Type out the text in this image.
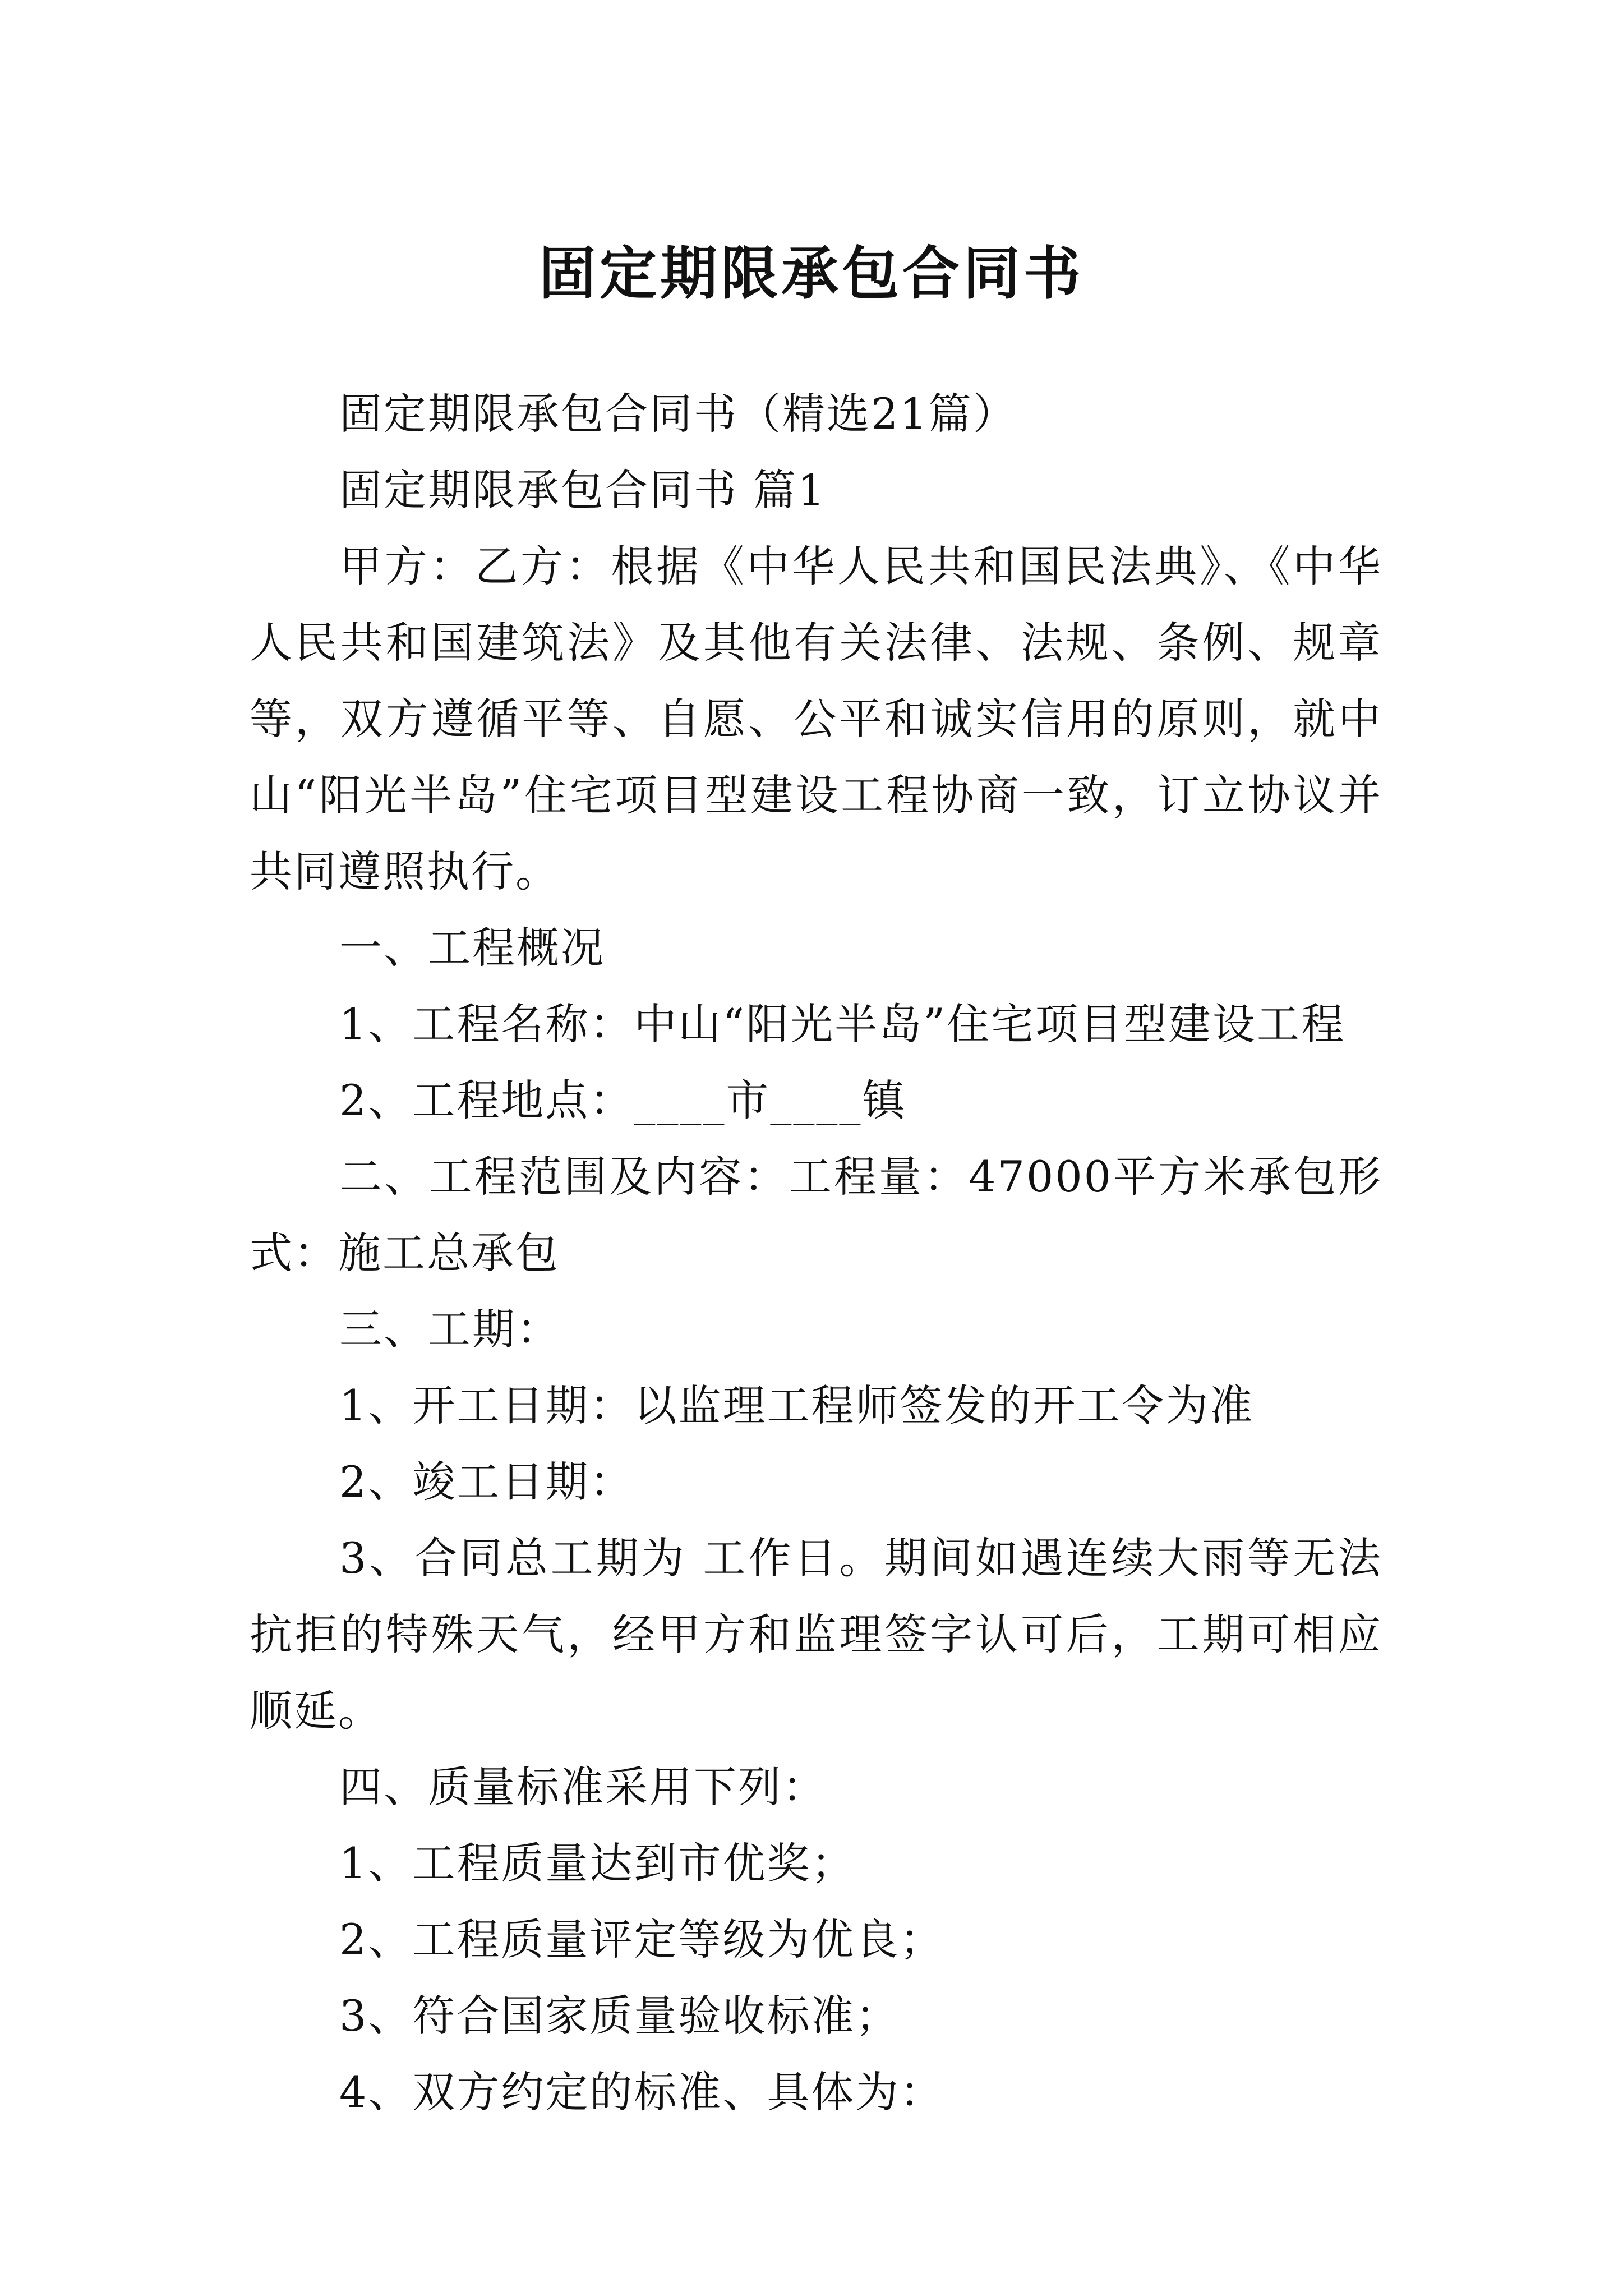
固定期限承包合同书

固定期限承包合同书（精选21篇）

固定期限承包合同书 篇1

甲方：乙方：根据《中华人民共和国民法典》、《中华人民共和国建筑法》及其他有关法律、法规、条例、规章等，双方遵循平等、自愿、公平和诚实信用的原则，就中山“阳光半岛”住宅项目型建设工程协商一致，订立协议并共同遵照执行。

一、工程概况

1、工程名称：中山“阳光半岛”住宅项目型建设工程

2、工程地点：____市____镇

二、工程范围及内容：工程量：47000平方米承包形式：施工总承包

三、工期：

1、开工日期：以监理工程师签发的开工令为准

2、竣工日期：

3、合同总工期为 工作日。期间如遇连续大雨等无法抗拒的特殊天气，经甲方和监理签字认可后，工期可相应顺延。

四、质量标准采用下列：

1、工程质量达到市优奖；

2、工程质量评定等级为优良；

3、符合国家质量验收标准；

4、双方约定的标准、具体为：
